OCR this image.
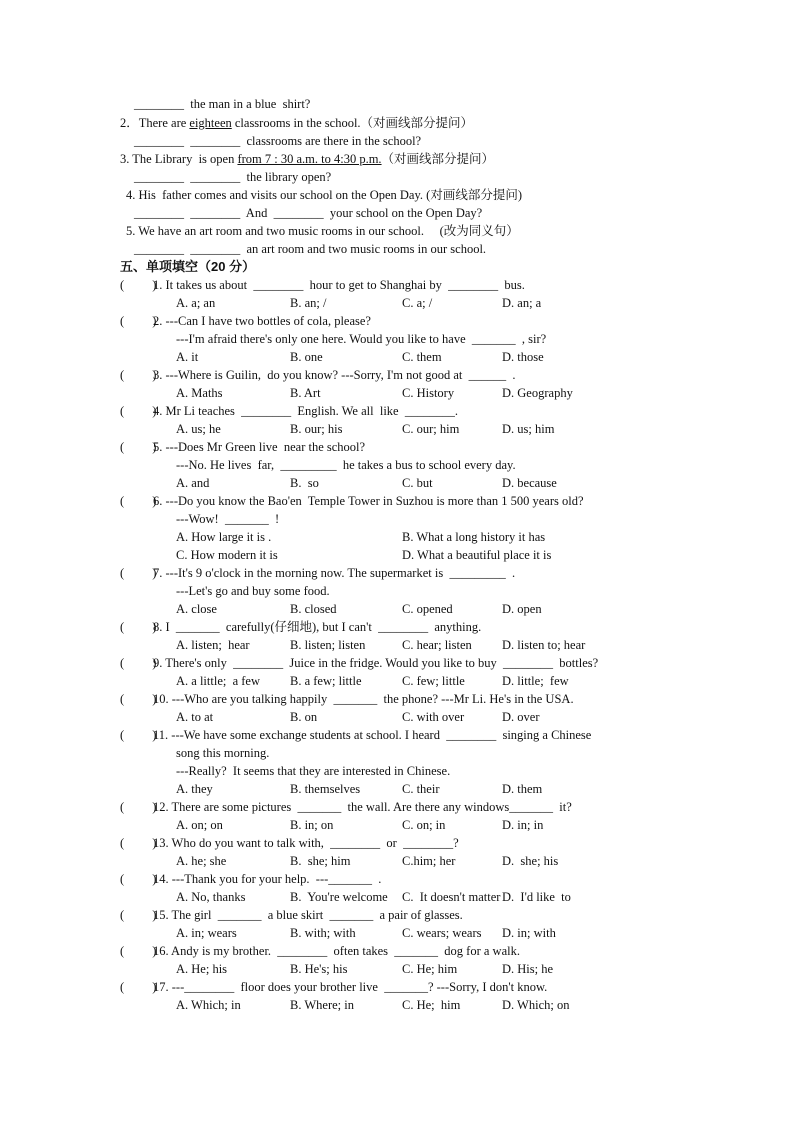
________  the man in a blue  shirt?
2．There are eighteen classrooms in the school.（对画线部分提问）
________  ________  classrooms are there in the school?
3. The Library  is open from 7 : 30 a.m. to 4:30 p.m.（对画线部分提问）
________  ________  the library open?
4. His  father comes and visits our school on the Open Day. (对画线部分提问)
________  ________  And  ________  your school on the Open Day?
5. We have an art room and two music rooms in our school.     (改为同义句）
________  ________  an art room and two music rooms in our school.
五、单项填空（20 分）
(         )
1. It takes us about  ________  hour to get to Shanghai by  ________  bus.
A. a; an	B. an; /	C. a; /	D. an; a
(         )
2. ---Can I have two bottles of cola, please?
---I'm afraid there's only one here. Would you like to have  _______  , sir?
A. it	B. one	C. them	D. those
(         )
3. ---Where is Guilin,  do you know? ---Sorry, I'm not good at  ______  .
A. Maths	B. Art	C. History	D. Geography
(         )
4. Mr Li teaches  ________  English. We all  like  ________.
A. us; he	B. our; his	C. our; him	D. us; him
(         )
5. ---Does Mr Green live  near the school?
---No. He lives  far,  _________  he takes a bus to school every day.
A. and	B.  so	C. but	D. because
(         )
6. ---Do you know the Bao'en  Temple Tower in Suzhou is more than 1 500 years old?
---Wow!  _______  !
A. How large it is .	B. What a long history it has
C. How modern it is	D. What a beautiful place it is
(         )
7. ---It's 9 o'clock in the morning now. The supermarket is  _________  .
---Let's go and buy some food.
A. close	B. closed	C. opened	D. open
(         )
8. I  _______  carefully(仔细地), but I can't  ________  anything.
A. listen;  hear	B. listen; listen	C. hear; listen D. listen to; hear
(         )
9. There's only  ________  Juice in the fridge. Would you like to buy  ________  bottles?
A. a little;  a few B. a few; little	C. few; little	D. little;  few
(         )
10. ---Who are you talking happily  _______  the phone? ---Mr Li. He's in the USA.
A. to at	B. on	C. with over	D. over
(         )
11. ---We have some exchange students at school. I heard  ________  singing a Chinese
song this morning.
---Really?  It seems that they are interested in Chinese.
A. they	B. themselves	C. their	D. them
(         )
12. There are some pictures  _______  the wall. Are there any windows_______  it?
A. on; on	B. in; on	C. on; in	D. in; in
(         )
13. Who do you want to talk with,  ________  or  ________?
A. he; she	B.  she; him	C.him; her	D.  she; his
(         )
14. ---Thank you for your help.  ---_______  .
A. No, thanks	B.  You're welcome C.  It doesn't matter D.  I'd like  to
(         )
15. The girl  _______  a blue skirt  _______  a pair of glasses.
A. in; wears	B. with; with	C. wears; wears D. in; with
(         )
16. Andy is my brother.  ________  often takes  _______  dog for a walk.
A. He; his	B. He's; his	C. He; him	D. His; he
(         )
17. ---________  floor does your brother live  _______? ---Sorry, I don't know.
A. Which; in	B. Where; in	C. He;  him	D. Which; on
